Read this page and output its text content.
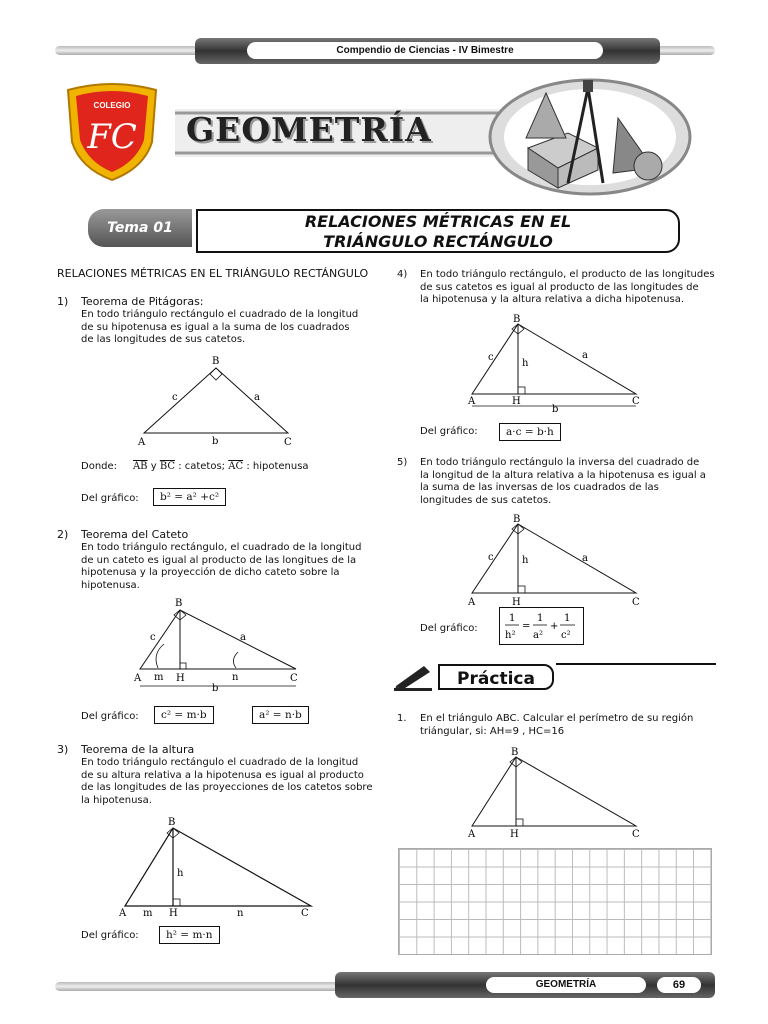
Compendio de Ciencias - IV Bimestre
COLEGIO
FC GEOMETRÍA
Tema 01	RELACIONES MÉTRICAS EN EL
TRIÁNGULO RECTÁNGULO
RELACIONES MÉTRICAS EN EL TRIÁNGULO RECTÁNGULO
1) Teorema de Pitágoras:
En todo triángulo rectángulo el cuadrado de la longitud
de su hipotenusa es igual a la suma de los cuadrados
de las longitudes de sus catetos.
B
A	C
c	a
b
Donde: $\overline{AB}$ y $\overline{BC}$ : catetos; $\overline{AC}$ : hipotenusa
Del gráfico:	b² = a² +c²
2) Teorema del Cateto
En todo triángulo rectángulo, el cuadrado de la longitud
de un cateto es igual al producto de las longitues de la
hipotenusa y la proyección de dicho cateto sobre la
hipotenusa.
B
A	H	C
c	a
m	n
b
Del gráfico:	c² = m·b	a² = n·b
3) Teorema de la altura
En todo triángulo rectángulo el cuadrado de la longitud
de su altura relativa a la hipotenusa es igual al producto
de las longitudes de las proyecciones de los catetos sobre
la hipotenusa.
B
A m H	n	C
h
Del gráfico:	h² = m·n
4) En todo triángulo rectángulo, el producto de las longitudes
de sus catetos es igual al producto de las longitudes de
la hipotenusa y la altura relativa a dicha hipotenusa.
B
A	H	C
c
h
a
b
Del gráfico:	a·c = b·h
5) En todo triángulo rectángulo la inversa del cuadrado de
la longitud de la altura relativa a la hipotenusa es igual a
la suma de las inversas de los cuadrados de las
longitudes de sus catetos.
B
A	H	C
c	h	a
Del gráfico:
1
h²
=
1
a²
+
1
c²
Práctica
1. En el triángulo ABC. Calcular el perímetro de su región
triángular, si: AH=9 , HC=16
B
A	H	C
GEOMETRÍA	69
